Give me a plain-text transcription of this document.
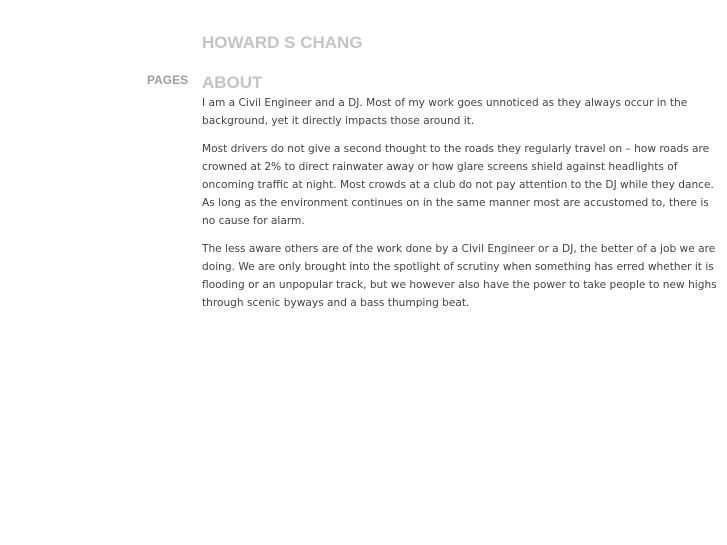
HOWARD S CHANG
PAGES ABOUT

I am a Civil Engineer and a DJ. Most of my work goes unnoticed as they always occur in the background, yet it directly impacts those around it.

Most drivers do not give a second thought to the roads they regularly travel on – how roads are crowned at 2% to direct rainwater away or how glare screens shield against headlights of oncoming traffic at night. Most crowds at a club do not pay attention to the DJ while they dance. As long as the environment continues on in the same manner most are accustomed to, there is no cause for alarm.

The less aware others are of the work done by a Civil Engineer or a DJ, the better of a job we are doing. We are only brought into the spotlight of scrutiny when something has erred whether it is flooding or an unpopular track, but we however also have the power to take people to new highs through scenic byways and a bass thumping beat.
